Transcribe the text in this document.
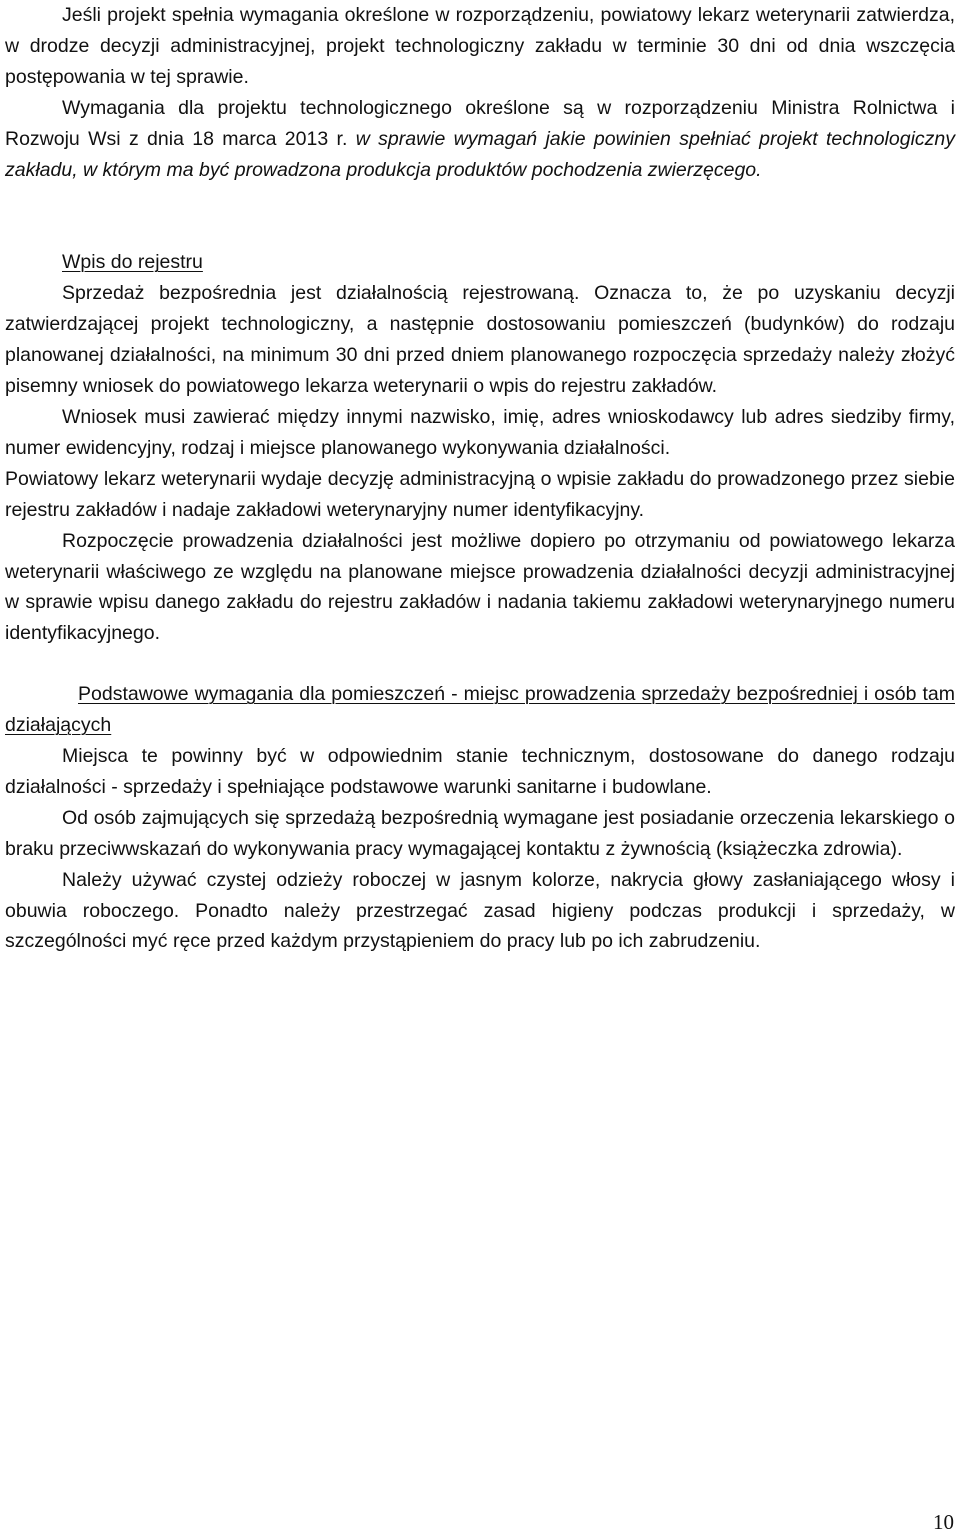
Jeśli projekt spełnia wymagania określone w rozporządzeniu, powiatowy lekarz weterynarii zatwierdza, w drodze decyzji administracyjnej, projekt technologiczny zakładu w terminie 30 dni od dnia wszczęcia postępowania w tej sprawie.

Wymagania dla projektu technologicznego określone są w rozporządzeniu Ministra Rolnictwa i Rozwoju Wsi z dnia 18 marca 2013 r. w sprawie wymagań jakie powinien spełniać projekt technologiczny zakładu, w którym ma być prowadzona produkcja produktów pochodzenia zwierzęcego.

Wpis do rejestru

Sprzedaż bezpośrednia jest działalnością rejestrowaną. Oznacza to, że po uzyskaniu decyzji zatwierdzającej projekt technologiczny, a następnie dostosowaniu pomieszczeń (budynków) do rodzaju planowanej działalności, na minimum 30 dni przed dniem planowanego rozpoczęcia sprzedaży należy złożyć pisemny wniosek do powiatowego lekarza weterynarii o wpis do rejestru zakładów.

Wniosek musi zawierać między innymi nazwisko, imię, adres wnioskodawcy lub adres siedziby firmy, numer ewidencyjny, rodzaj i miejsce planowanego wykonywania działalności.

Powiatowy lekarz weterynarii wydaje decyzję administracyjną o wpisie zakładu do prowadzonego przez siebie rejestru zakładów i nadaje zakładowi weterynaryjny numer identyfikacyjny.

Rozpoczęcie prowadzenia działalności jest możliwe dopiero po otrzymaniu od powiatowego lekarza weterynarii właściwego ze względu na planowane miejsce prowadzenia działalności decyzji administracyjnej w sprawie wpisu danego zakładu do rejestru zakładów i nadania takiemu zakładowi weterynaryjnego numeru identyfikacyjnego.

Podstawowe wymagania dla pomieszczeń - miejsc prowadzenia sprzedaży bezpośredniej i osób tam działających

Miejsca te powinny być w odpowiednim stanie technicznym, dostosowane do danego rodzaju działalności - sprzedaży i spełniające podstawowe warunki sanitarne i budowlane.

Od osób zajmujących się sprzedażą bezpośrednią wymagane jest posiadanie orzeczenia lekarskiego o braku przeciwwskazań do wykonywania pracy wymagającej kontaktu z żywnością (książeczka zdrowia).

Należy używać czystej odzieży roboczej w jasnym kolorze, nakrycia głowy zasłaniającego włosy i obuwia roboczego. Ponadto należy przestrzegać zasad higieny podczas produkcji i sprzedaży, w szczególności myć ręce przed każdym przystąpieniem do pracy lub po ich zabrudzeniu.

10
